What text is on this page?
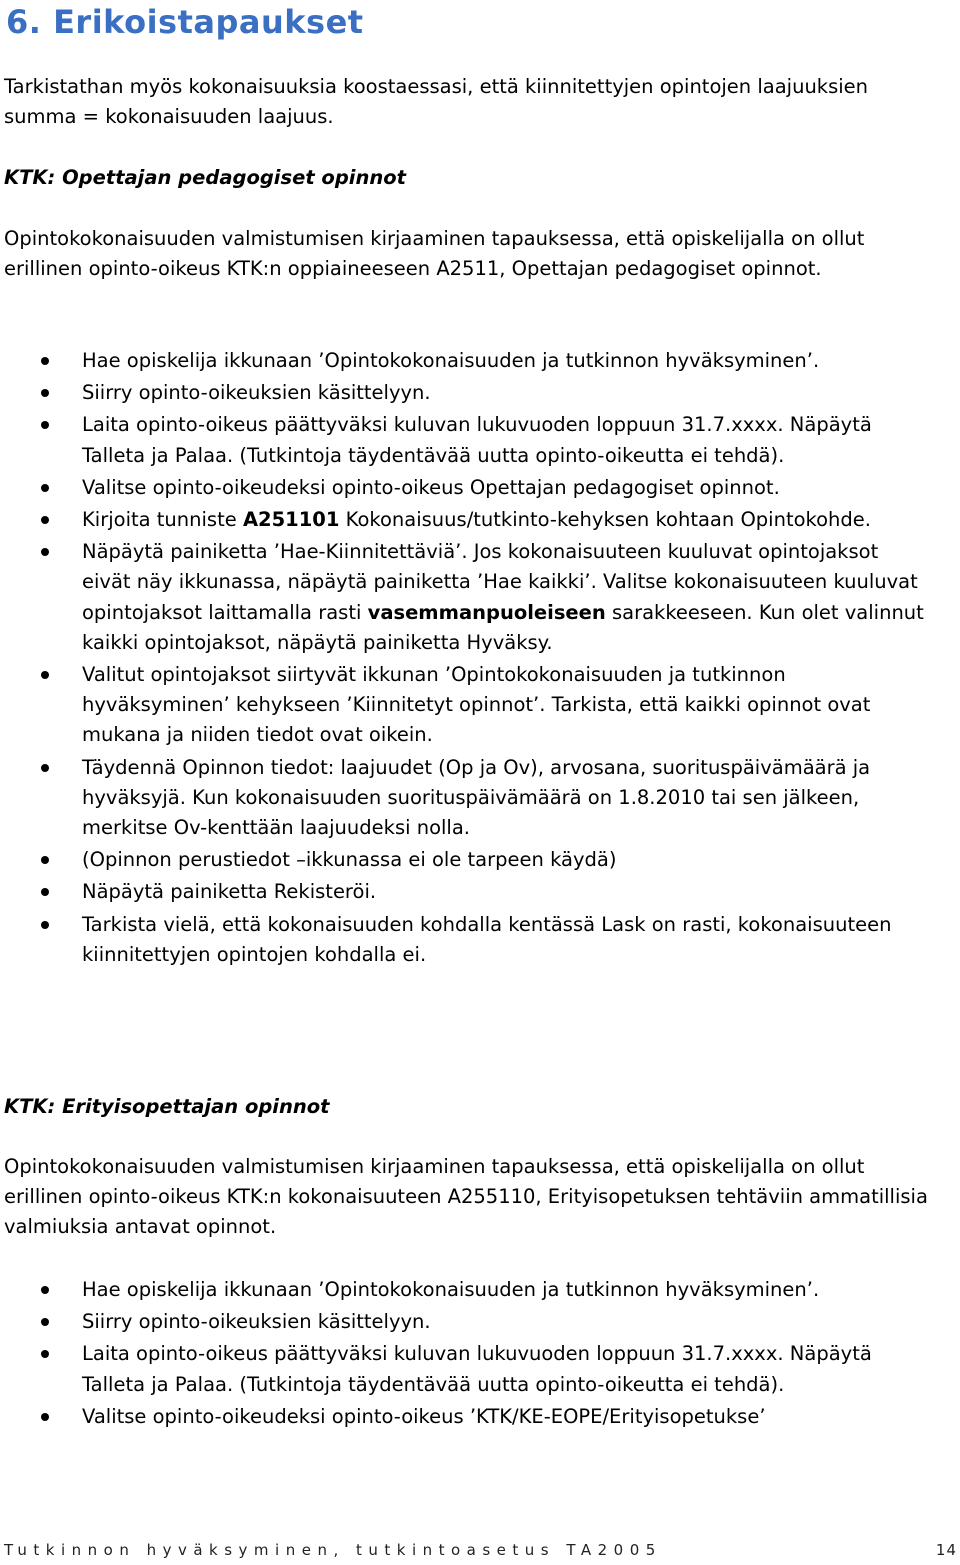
6. Erikoistapaukset

Tarkistathan myös kokonaisuuksia koostaessasi, että kiinnitettyjen opintojen laajuuksien summa = kokonaisuuden laajuus.

KTK: Opettajan pedagogiset opinnot

Opintokokonaisuuden valmistumisen kirjaaminen tapauksessa, että opiskelijalla on ollut erillinen opinto-oikeus KTK:n oppiaineeseen A2511, Opettajan pedagogiset opinnot.

Hae opiskelija ikkunaan ’Opintokokonaisuuden ja tutkinnon hyväksyminen’.
Siirry opinto-oikeuksien käsittelyyn.
Laita opinto-oikeus päättyväksi kuluvan lukuvuoden loppuun 31.7.xxxx. Näpäytä Talleta ja Palaa. (Tutkintoja täydentävää uutta opinto-oikeutta ei tehdä).
Valitse opinto-oikeudeksi opinto-oikeus Opettajan pedagogiset opinnot.
Kirjoita tunniste A251101 Kokonaisuus/tutkinto-kehyksen kohtaan Opintokohde.
Näpäytä painiketta ’Hae-Kiinnitettäviä’. Jos kokonaisuuteen kuuluvat opintojaksot eivät näy ikkunassa, näpäytä painiketta ’Hae kaikki’. Valitse kokonaisuuteen kuuluvat opintojaksot laittamalla rasti vasemmanpuoleiseen sarakkeeseen. Kun olet valinnut kaikki opintojaksot, näpäytä painiketta Hyväksy.
Valitut opintojaksot siirtyvät ikkunan ’Opintokokonaisuuden ja tutkinnon hyväksyminen’ kehykseen ’Kiinnitetyt opinnot’. Tarkista, että kaikki opinnot ovat mukana ja niiden tiedot ovat oikein.
Täydennä Opinnon tiedot: laajuudet (Op ja Ov), arvosana, suorituspäivämäärä ja hyväksyjä. Kun kokonaisuuden suorituspäivämäärä on 1.8.2010 tai sen jälkeen, merkitse Ov-kenttään laajuudeksi nolla.
(Opinnon perustiedot –ikkunassa ei ole tarpeen käydä)
Näpäytä painiketta Rekisteröi.
Tarkista vielä, että kokonaisuuden kohdalla kentässä Lask on rasti, kokonaisuuteen kiinnitettyjen opintojen kohdalla ei.

KTK: Erityisopettajan opinnot

Opintokokonaisuuden valmistumisen kirjaaminen tapauksessa, että opiskelijalla on ollut erillinen opinto-oikeus KTK:n kokonaisuuteen A255110, Erityisopetuksen tehtäviin ammatillisia valmiuksia antavat opinnot.

Hae opiskelija ikkunaan ’Opintokokonaisuuden ja tutkinnon hyväksyminen’.
Siirry opinto-oikeuksien käsittelyyn.
Laita opinto-oikeus päättyväksi kuluvan lukuvuoden loppuun 31.7.xxxx. Näpäytä Talleta ja Palaa. (Tutkintoja täydentävää uutta opinto-oikeutta ei tehdä).
Valitse opinto-oikeudeksi opinto-oikeus ’KTK/KE-EOPE/Erityisopetukse’
Tutkinnon hyväksyminen, tutkintoasetus TA2005	14
